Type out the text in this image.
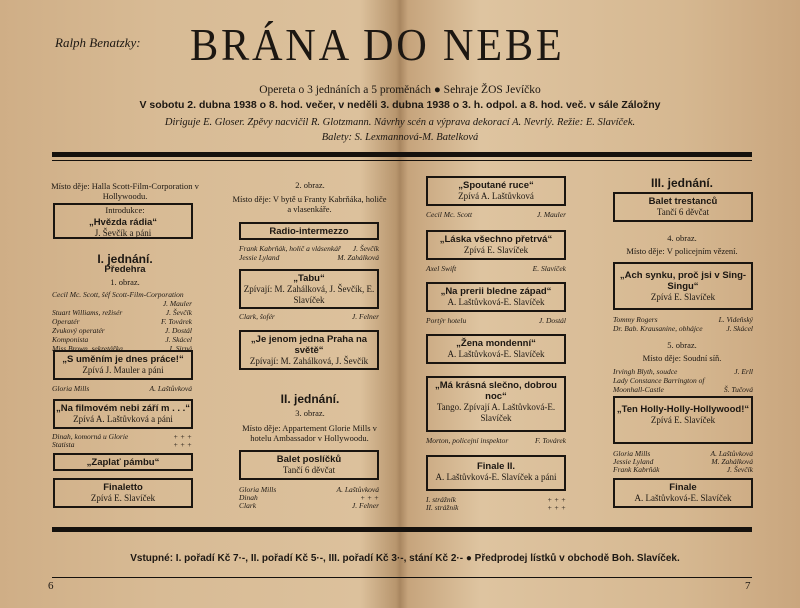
Ralph Benatzky: BRÁNA DO NEBE
Opereta o 3 jednáních a 5 proměnách ● Sehraje ŽOS Jevíčko
V sobotu 2. dubna 1938 o 8. hod. večer, v neděli 3. dubna 1938 o 3. h. odpol. a 8. hod. več. v sále Záložny
Diriguje E. Gloser. Zpěvy nacvičil R. Glotzmann. Návrhy scén a výprava dekorací A. Nevrlý. Režie: E. Slavíček.
Balety: S. Lexmannová-M. Batelková
Místo děje: Halla Scott-Film-Corporation v Hollywoodu.
Introdukce:
„Hvězda rádia“
J. Ševčík a páni
I. jednání.
Předehra
1. obraz.
Cecil Mc. Scott, šéf Scott-Film-Corporation
J. Mauler
Stuart Williams, režisér	J. Ševčík
Operatér	F. Továrek
Zvukový operatér	J. Dostál
Komponista	J. Skácel
Miss Brown, sekretářka	J. Sirná
„S uměním je dnes práce!“
Zpívá J. Mauler a páni
Gloria Mills	A. Laštůvková
„Na filmovém nebi září m . . .“
Zpívá A. Laštůvková a páni
Dinah, komorná u Glorie	+ + +
Statista	+ + +
„Zaplať pámbu“
Finaletto
Zpívá E. Slavíček
2. obraz.
Místo děje: V bytě u Franty Kabrňáka, holiče a vlasenkáře.
Radio-intermezzo
Frank Kabrňák, holič a vlásenkář J. Ševčík
Jessie Lyland	M. Zahálková
„Tabu“
Zpívají: M. Zahálková, J. Ševčík, E. Slavíček
Clark, šofér	J. Felner
„Je jenom jedna Praha na světě“
Zpívají: M. Zahálková, J. Ševčík
II. jednání.
3. obraz.
Místo děje: Appartement Glorie Mills v hotelu Ambassador v Hollywoodu.
Balet poslíčků
Tančí 6 děvčat
Gloria Mills	A. Laštůvková
Dinah	+ + +
Clark	J. Felner
„Spoutané ruce“
Zpívá A. Laštůvková
Cecil Mc. Scott	J. Mauler
„Láska všechno přetrvá“
Zpívá E. Slavíček
Axel Swift	E. Slavíček
„Na prerii bledne západ“
A. Laštůvková-E. Slavíček
Portýr hotelu	J. Dostál
„Žena mondenní“
A. Laštůvková-E. Slavíček
„Má krásná slečno, dobrou noc“
Tango. Zpívají A. Laštůvková-E. Slavíček
Morton, policejní inspektor	F. Továrek
Finale II.
A. Laštůvková-E. Slavíček a páni
I. strážník	+ + +
II. strážník	+ + +
III. jednání.
Balet trestanců
Tančí 6 děvčat
4. obraz.
Místo děje: V policejním vězení.
„Ach synku, proč jsi v Sing-Singu“
Zpívá E. Slavíček
Tommy Rogers	L. Videňský
Dr. Bab. Krausanine, obhájce	J. Skácel
5. obraz.
Místo děje: Soudní síň.
Irvingh Blyth, soudce	J. Erll
Lady Constance Barrington of Moonhall-Castle	Š. Tučová
„Ten Holly-Holly-Hollywood!“
Zpívá E. Slavíček
Gloria Mills	A. Laštůvková
Jessie Lyland	M. Zahálková
Frank Kabrňák	J. Ševčík
Finale
A. Laštůvková-E. Slavíček
Vstupné: I. pořadí Kč 7·-, II. pořadí Kč 5·-, III. pořadí Kč 3·-, stání Kč 2·- ● Předprodej lístků v obchodě Boh. Slavíček.
6	7
